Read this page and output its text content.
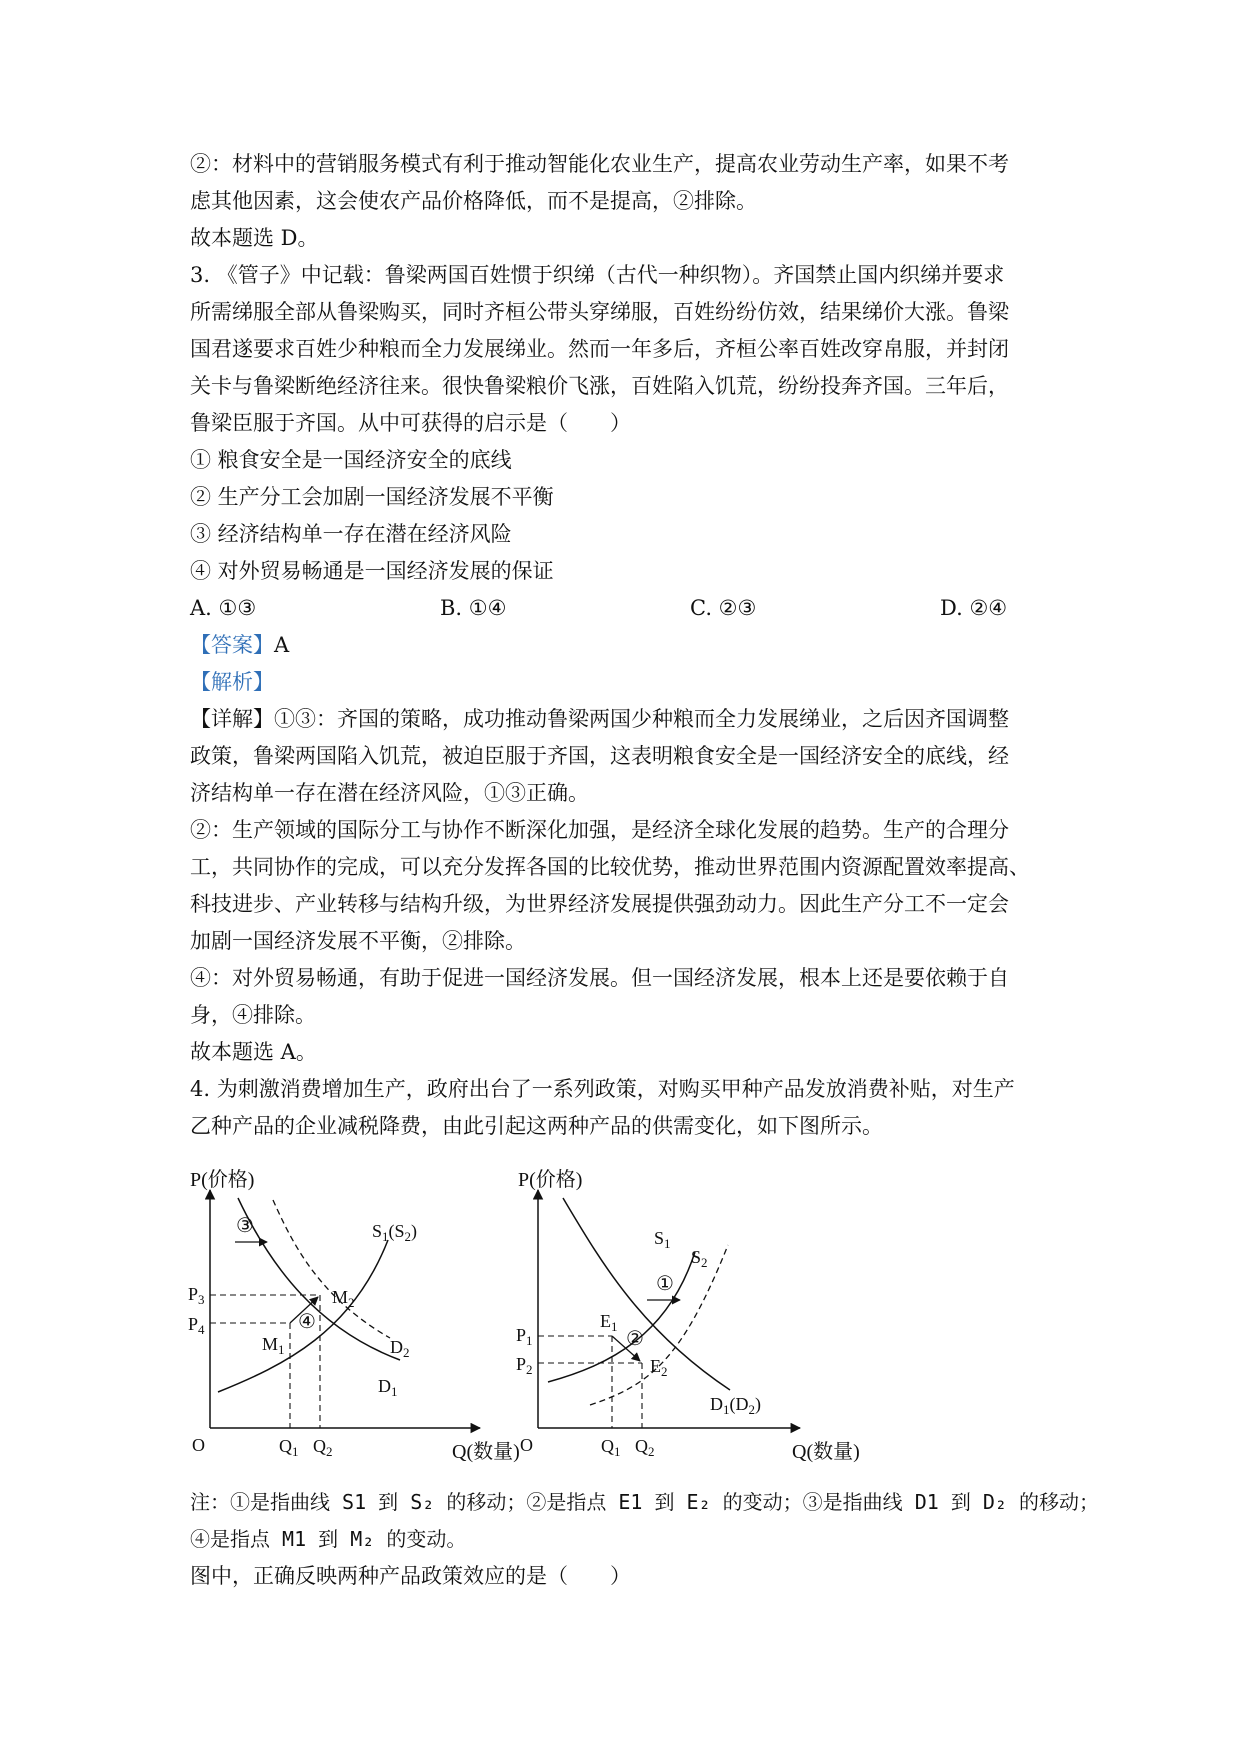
②：材料中的营销服务模式有利于推动智能化农业生产，提高农业劳动生产率，如果不考
虑其他因素，这会使农产品价格降低，而不是提高，②排除。
故本题选 D。
3. 《管子》中记载：鲁梁两国百姓惯于织绨（古代一种织物）。齐国禁止国内织绨并要求
所需绨服全部从鲁梁购买，同时齐桓公带头穿绨服，百姓纷纷仿效，结果绨价大涨。鲁梁
国君遂要求百姓少种粮而全力发展绨业。然而一年多后，齐桓公率百姓改穿帛服，并封闭
关卡与鲁梁断绝经济往来。很快鲁梁粮价飞涨，百姓陷入饥荒，纷纷投奔齐国。三年后，
鲁梁臣服于齐国。从中可获得的启示是（　　）
① 粮食安全是一国经济安全的底线
② 生产分工会加剧一国经济发展不平衡
③ 经济结构单一存在潜在经济风险
④ 对外贸易畅通是一国经济发展的保证
A. ①③	B. ①④	C. ②③	D. ②④
【答案】A
【解析】
【详解】①③：齐国的策略，成功推动鲁梁两国少种粮而全力发展绨业，之后因齐国调整
政策，鲁梁两国陷入饥荒，被迫臣服于齐国，这表明粮食安全是一国经济安全的底线，经
济结构单一存在潜在经济风险，①③正确。
②：生产领域的国际分工与协作不断深化加强，是经济全球化发展的趋势。生产的合理分
工，共同协作的完成，可以充分发挥各国的比较优势，推动世界范围内资源配置效率提高、
科技进步、产业转移与结构升级，为世界经济发展提供强劲动力。因此生产分工不一定会
加剧一国经济发展不平衡，②排除。
④：对外贸易畅通，有助于促进一国经济发展。但一国经济发展，根本上还是要依赖于自
身，④排除。
故本题选 A。
4. 为刺激消费增加生产，政府出台了一系列政策，对购买甲种产品发放消费补贴，对生产
乙种产品的企业减税降费，由此引起这两种产品的供需变化，如下图所示。
P(价格)
Q(数量)
O
③
④
$S_1(S_2)$
$D_1$
$D_2$
$M_1$
$M_2$
$P_3$
$P_4$
$Q_1$ $Q_2$
P(价格)
Q(数量)
O
①
②
$S_1$
$S_2$
$D_1(D_2)$
$E_1$
$E_2$
$P_1$
$P_2$
$Q_1$ $Q_2$
注：①是指曲线 S1 到 S₂ 的移动；②是指点 E1 到 E₂ 的变动；③是指曲线 D1 到 D₂ 的移动；
④是指点 M1 到 M₂ 的变动。
图中，正确反映两种产品政策效应的是（　　）
